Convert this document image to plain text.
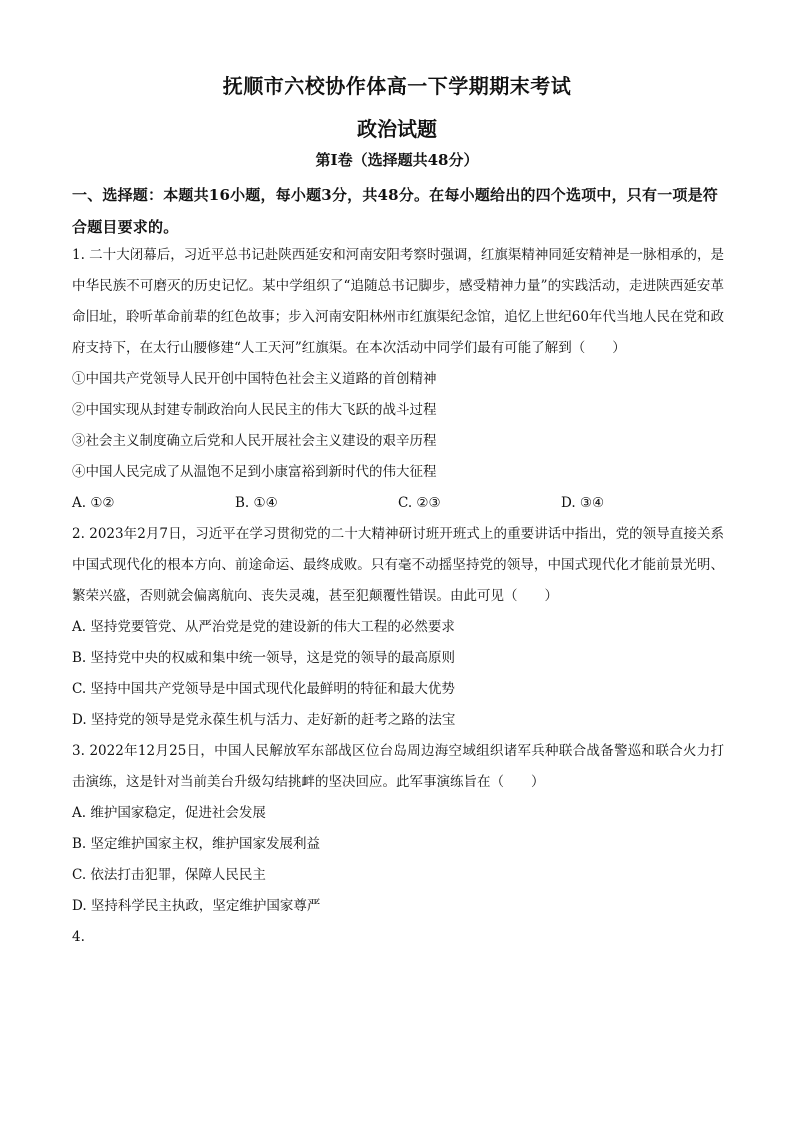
抚顺市六校协作体高一下学期期末考试
政治试题
第Ⅰ卷（选择题共48分）
一、选择题：本题共16小题，每小题3分，共48分。在每小题给出的四个选项中，只有一项是符合题目要求的。

1. 二十大闭幕后，习近平总书记赴陕西延安和河南安阳考察时强调，红旗渠精神同延安精神是一脉相承的，是中华民族不可磨灭的历史记忆。某中学组织了“追随总书记脚步，感受精神力量”的实践活动，走进陕西延安革命旧址，聆听革命前辈的红色故事；步入河南安阳林州市红旗渠纪念馆，追忆上世纪60年代当地人民在党和政府支持下，在太行山腰修建“人工天河”红旗渠。在本次活动中同学们最有可能了解到（　　）

①中国共产党领导人民开创中国特色社会主义道路的首创精神

②中国实现从封建专制政治向人民民主的伟大飞跃的战斗过程

③社会主义制度确立后党和人民开展社会主义建设的艰辛历程

④中国人民完成了从温饱不足到小康富裕到新时代的伟大征程

A. ①②	B. ①④	C. ②③	D. ③④

2. 2023年2月7日，习近平在学习贯彻党的二十大精神研讨班开班式上的重要讲话中指出，党的领导直接关系中国式现代化的根本方向、前途命运、最终成败。只有毫不动摇坚持党的领导，中国式现代化才能前景光明、繁荣兴盛，否则就会偏离航向、丧失灵魂，甚至犯颠覆性错误。由此可见（　　）

A. 坚持党要管党、从严治党是党的建设新的伟大工程的必然要求

B. 坚持党中央的权威和集中统一领导，这是党的领导的最高原则

C. 坚持中国共产党领导是中国式现代化最鲜明的特征和最大优势

D. 坚持党的领导是党永葆生机与活力、走好新的赶考之路的法宝

3. 2022年12月25日，中国人民解放军东部战区位台岛周边海空域组织诸军兵种联合战备警巡和联合火力打击演练，这是针对当前美台升级勾结挑衅的坚决回应。此军事演练旨在（　　）

A. 维护国家稳定，促进社会发展

B. 坚定维护国家主权，维护国家发展利益

C. 依法打击犯罪，保障人民民主

D. 坚持科学民主执政，坚定维护国家尊严

4.
